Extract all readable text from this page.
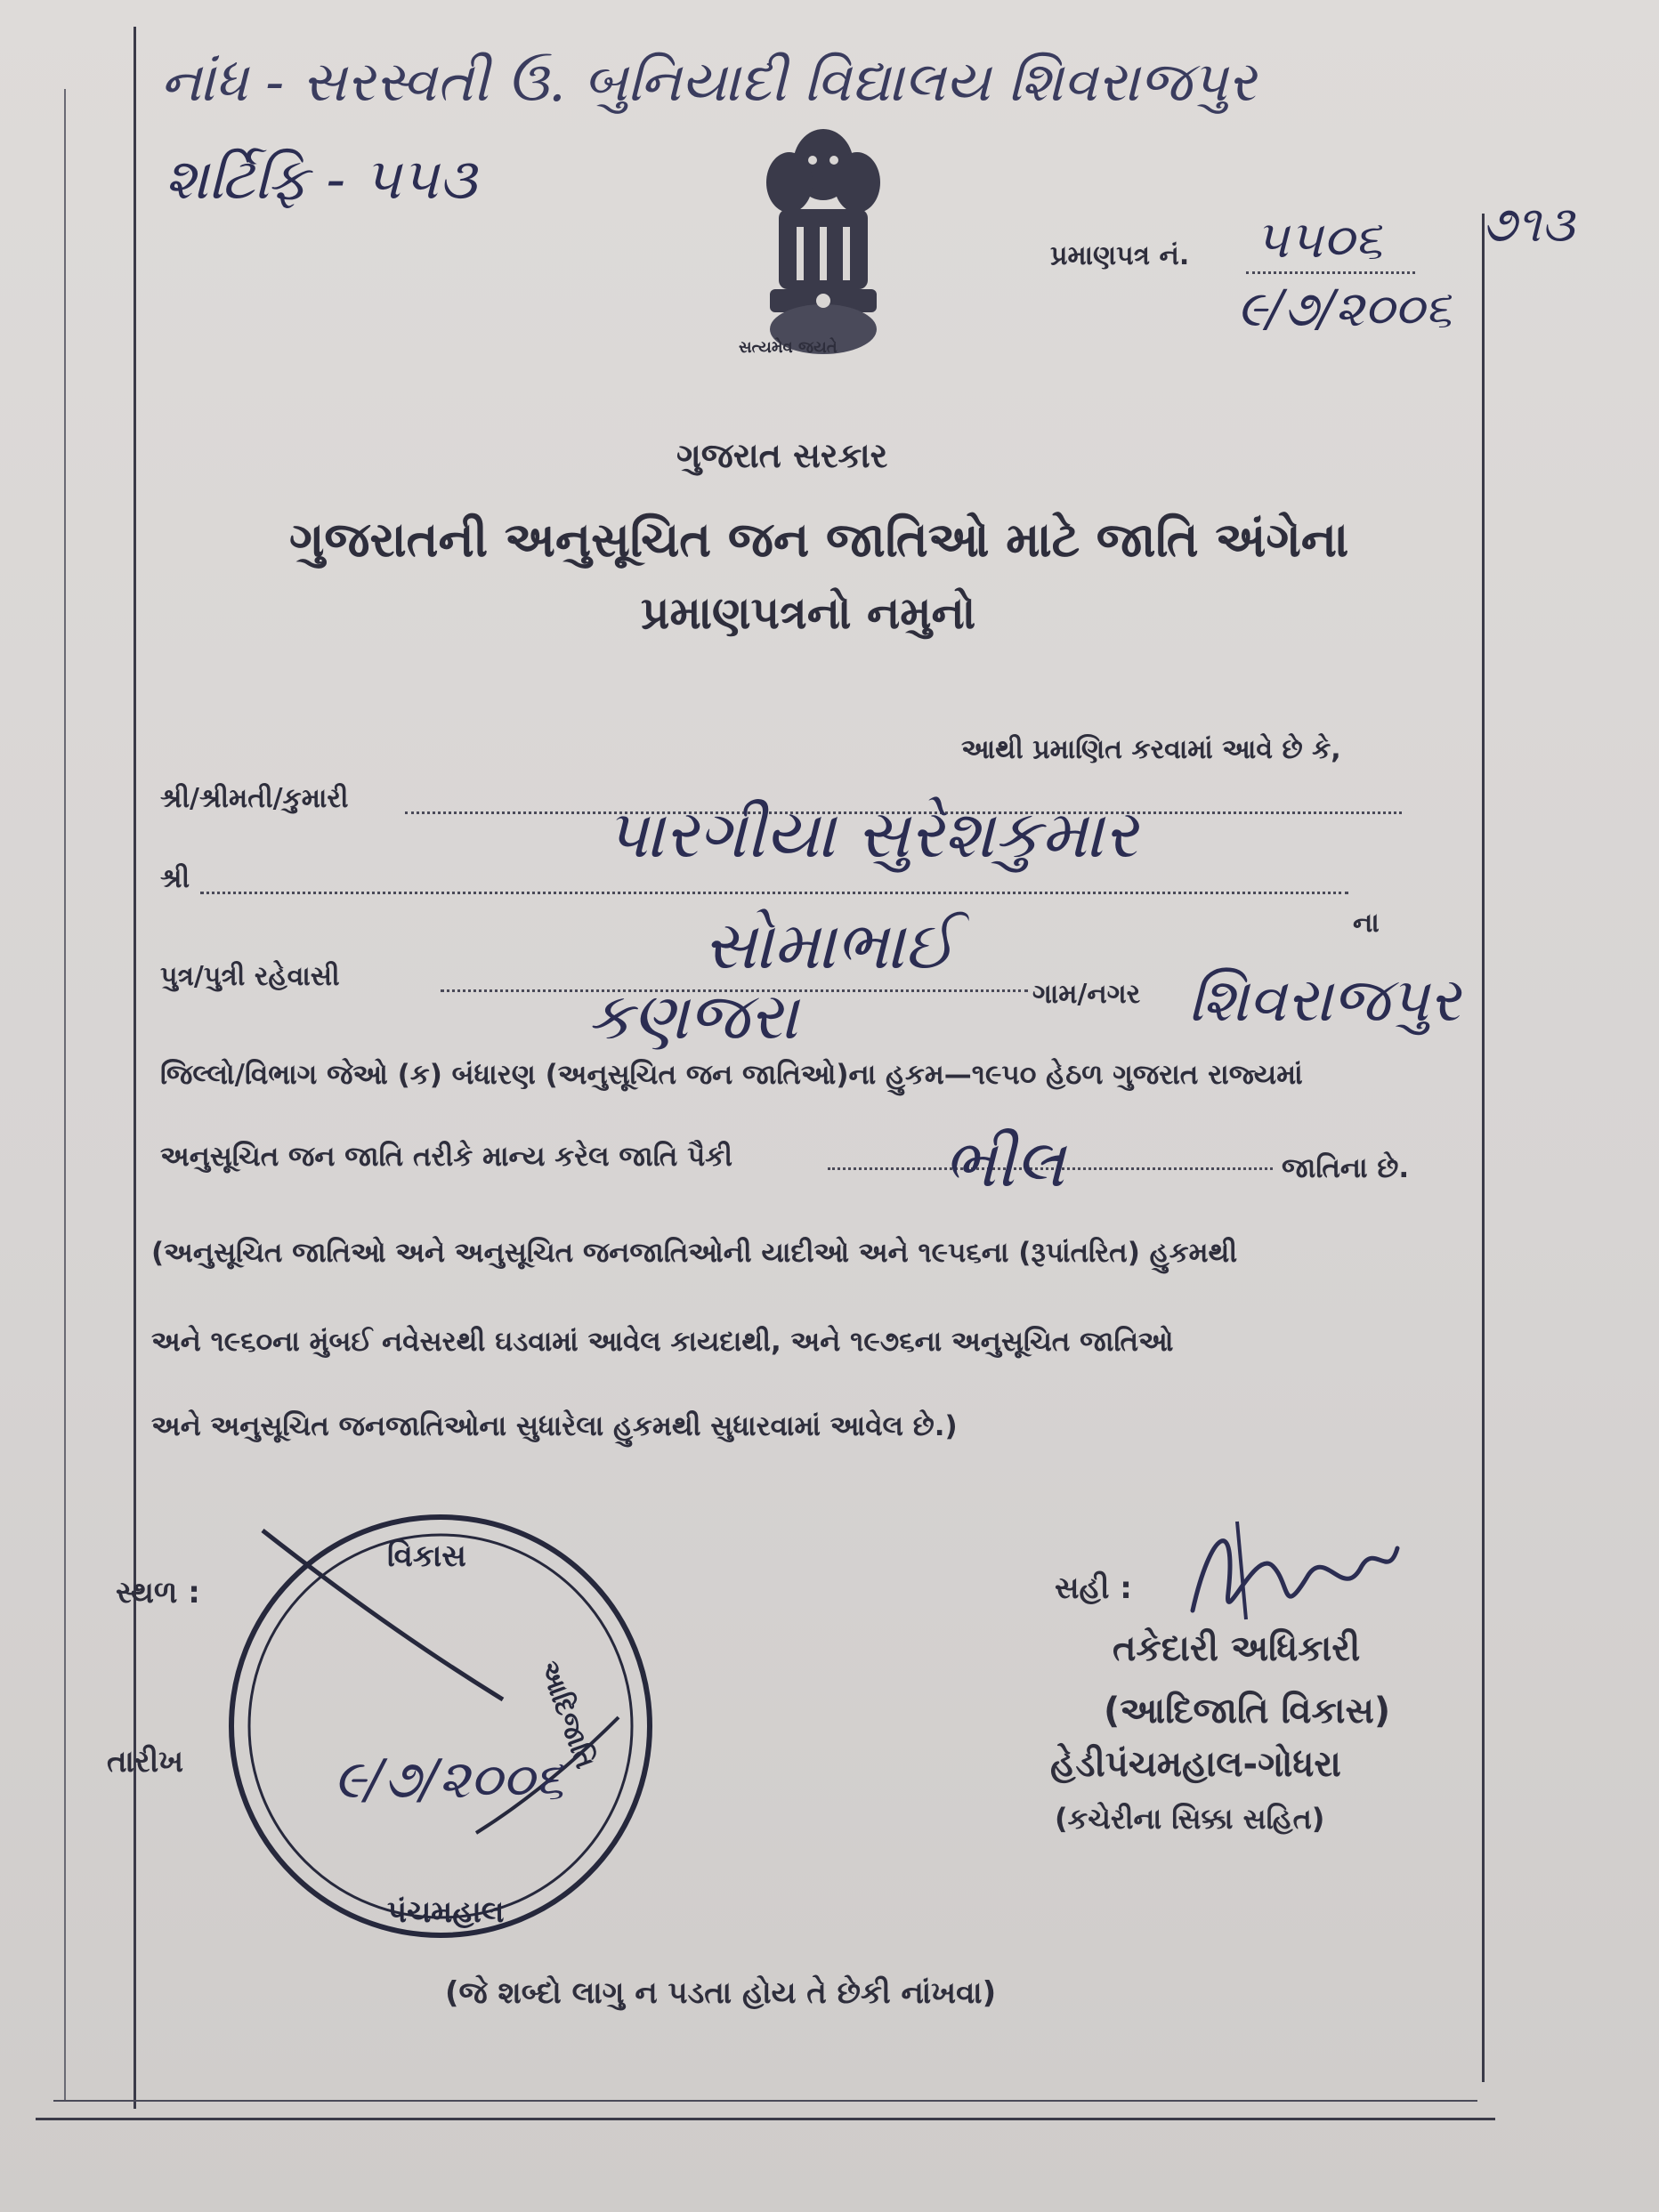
નાંધ - સરસ્વતી ઉ. બુનિયાદી વિદ્યાલય શિવરાજપુર
શર્ટિફિ - ૫૫૩
૭૧૩
સત્યમેવ જયતે
પ્રમાણપત્ર નં. ૫૫૦૬
૯/૭/૨૦૦૬
ગુજરાત સરકાર
ગુજરાતની અનુસૂચિત જન જાતિઓ માટે જાતિ અંગેના
પ્રમાણપત્રનો નમુનો
આથી પ્રમાણિત કરવામાં આવે છે કે,
શ્રી/શ્રીમતી/કુમારી	પારગીયા સુરેશકુમાર
શ્રી
ના
સોમાભાઈ
પુત્ર/પુત્રી રહેવાસી
કણજરા	ગામ/નગર શિવરાજપુર
જિલ્લો/વિભાગ જેઓ (ક) બંધારણ (અનુસૂચિત જન જાતિઓ)ના હુકમ—૧૯૫૦ હેઠળ ગુજરાત રાજ્યમાં
અનુસૂચિત જન જાતિ તરીકે માન્ય કરેલ જાતિ પૈકી	ભીલ	જાતિના છે.
(અનુસૂચિત જાતિઓ અને અનુસૂચિત જનજાતિઓની યાદીઓ અને ૧૯૫૬ના (રૂપાંતરિત) હુકમથી
અને ૧૯૬૦ના મુંબઈ નવેસરથી ઘડવામાં આવેલ કાયદાથી, અને ૧૯૭૬ના અનુસૂચિત જાતિઓ
અને અનુસૂચિત જનજાતિઓના સુધારેલા હુકમથી સુધારવામાં આવેલ છે.)
સ્થળ :
તારીખ
વિકાસ
આદિજાતિ
પંચમહાલ
૯/૭/૨૦૦૬
સહી :
તકેદારી અધિકારી
(આદિજાતિ વિકાસ)
હેડીપંચમહાલ-ગોધરા
(કચેરીના સિક્કા સહિત)
(જે શબ્દો લાગુ ન પડતા હોય તે છેકી નાંખવા)
